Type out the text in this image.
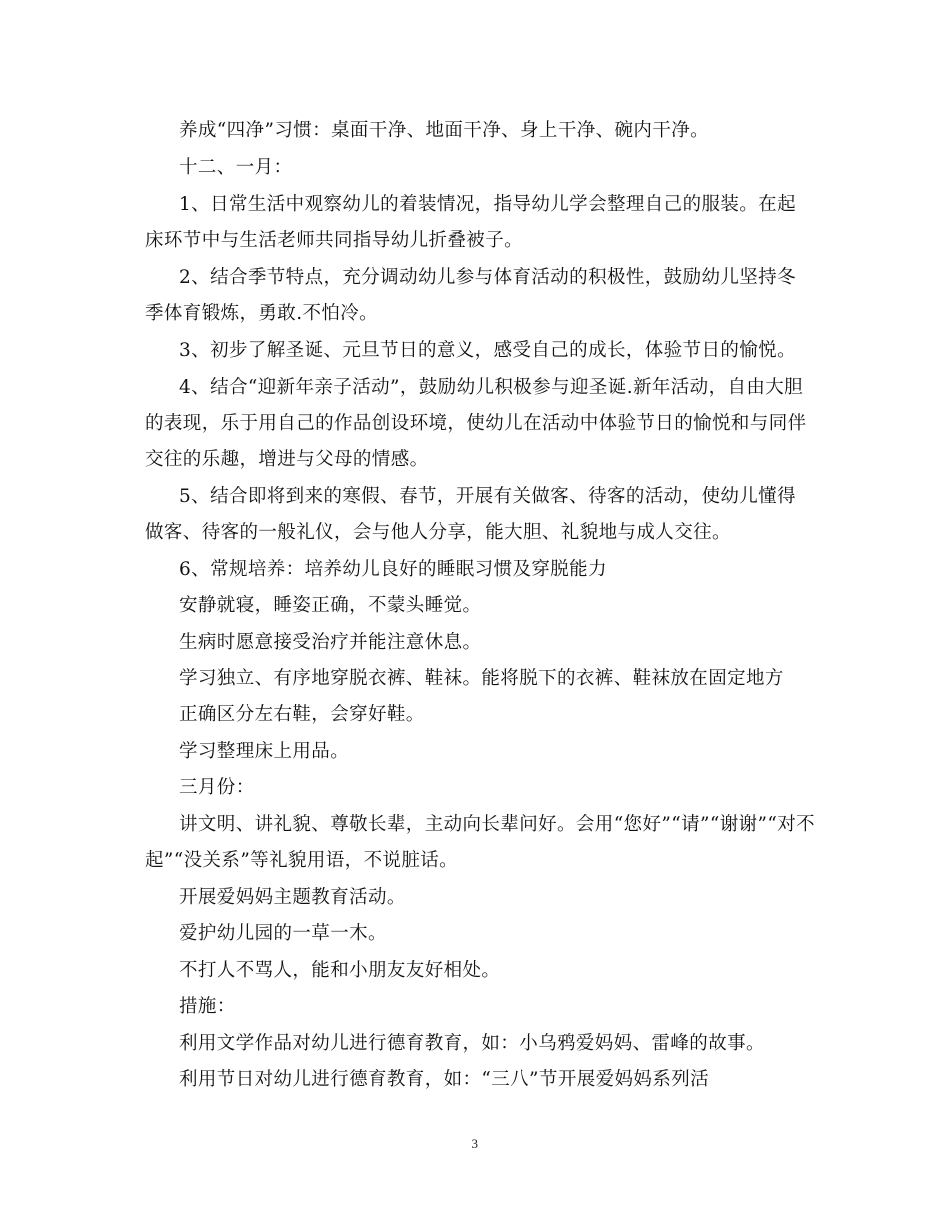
养成“四净”习惯：桌面干净、地面干净、身上干净、碗内干净。
十二、一月：
1、日常生活中观察幼儿的着装情况，指导幼儿学会整理自己的服装。在起
床环节中与生活老师共同指导幼儿折叠被子。
2、结合季节特点，充分调动幼儿参与体育活动的积极性，鼓励幼儿坚持冬
季体育锻炼，勇敢.不怕冷。
3、初步了解圣诞、元旦节日的意义，感受自己的成长，体验节日的愉悦。
4、结合“迎新年亲子活动”，鼓励幼儿积极参与迎圣诞.新年活动，自由大胆
的表现，乐于用自己的作品创设环境，使幼儿在活动中体验节日的愉悦和与同伴
交往的乐趣，增进与父母的情感。
5、结合即将到来的寒假、春节，开展有关做客、待客的活动，使幼儿懂得
做客、待客的一般礼仪，会与他人分享，能大胆、礼貌地与成人交往。
6、常规培养：培养幼儿良好的睡眠习惯及穿脱能力
安静就寝，睡姿正确，不蒙头睡觉。
生病时愿意接受治疗并能注意休息。
学习独立、有序地穿脱衣裤、鞋袜。能将脱下的衣裤、鞋袜放在固定地方
正确区分左右鞋，会穿好鞋。
学习整理床上用品。
三月份：
讲文明、讲礼貌、尊敬长辈，主动向长辈问好。会用“您好”“请”“谢谢”“对不
起”“没关系”等礼貌用语，不说脏话。
开展爱妈妈主题教育活动。
爱护幼儿园的一草一木。
不打人不骂人，能和小朋友友好相处。
措施：
利用文学作品对幼儿进行德育教育，如：小乌鸦爱妈妈、雷峰的故事。
利用节日对幼儿进行德育教育，如：“三八”节开展爱妈妈系列活
3
